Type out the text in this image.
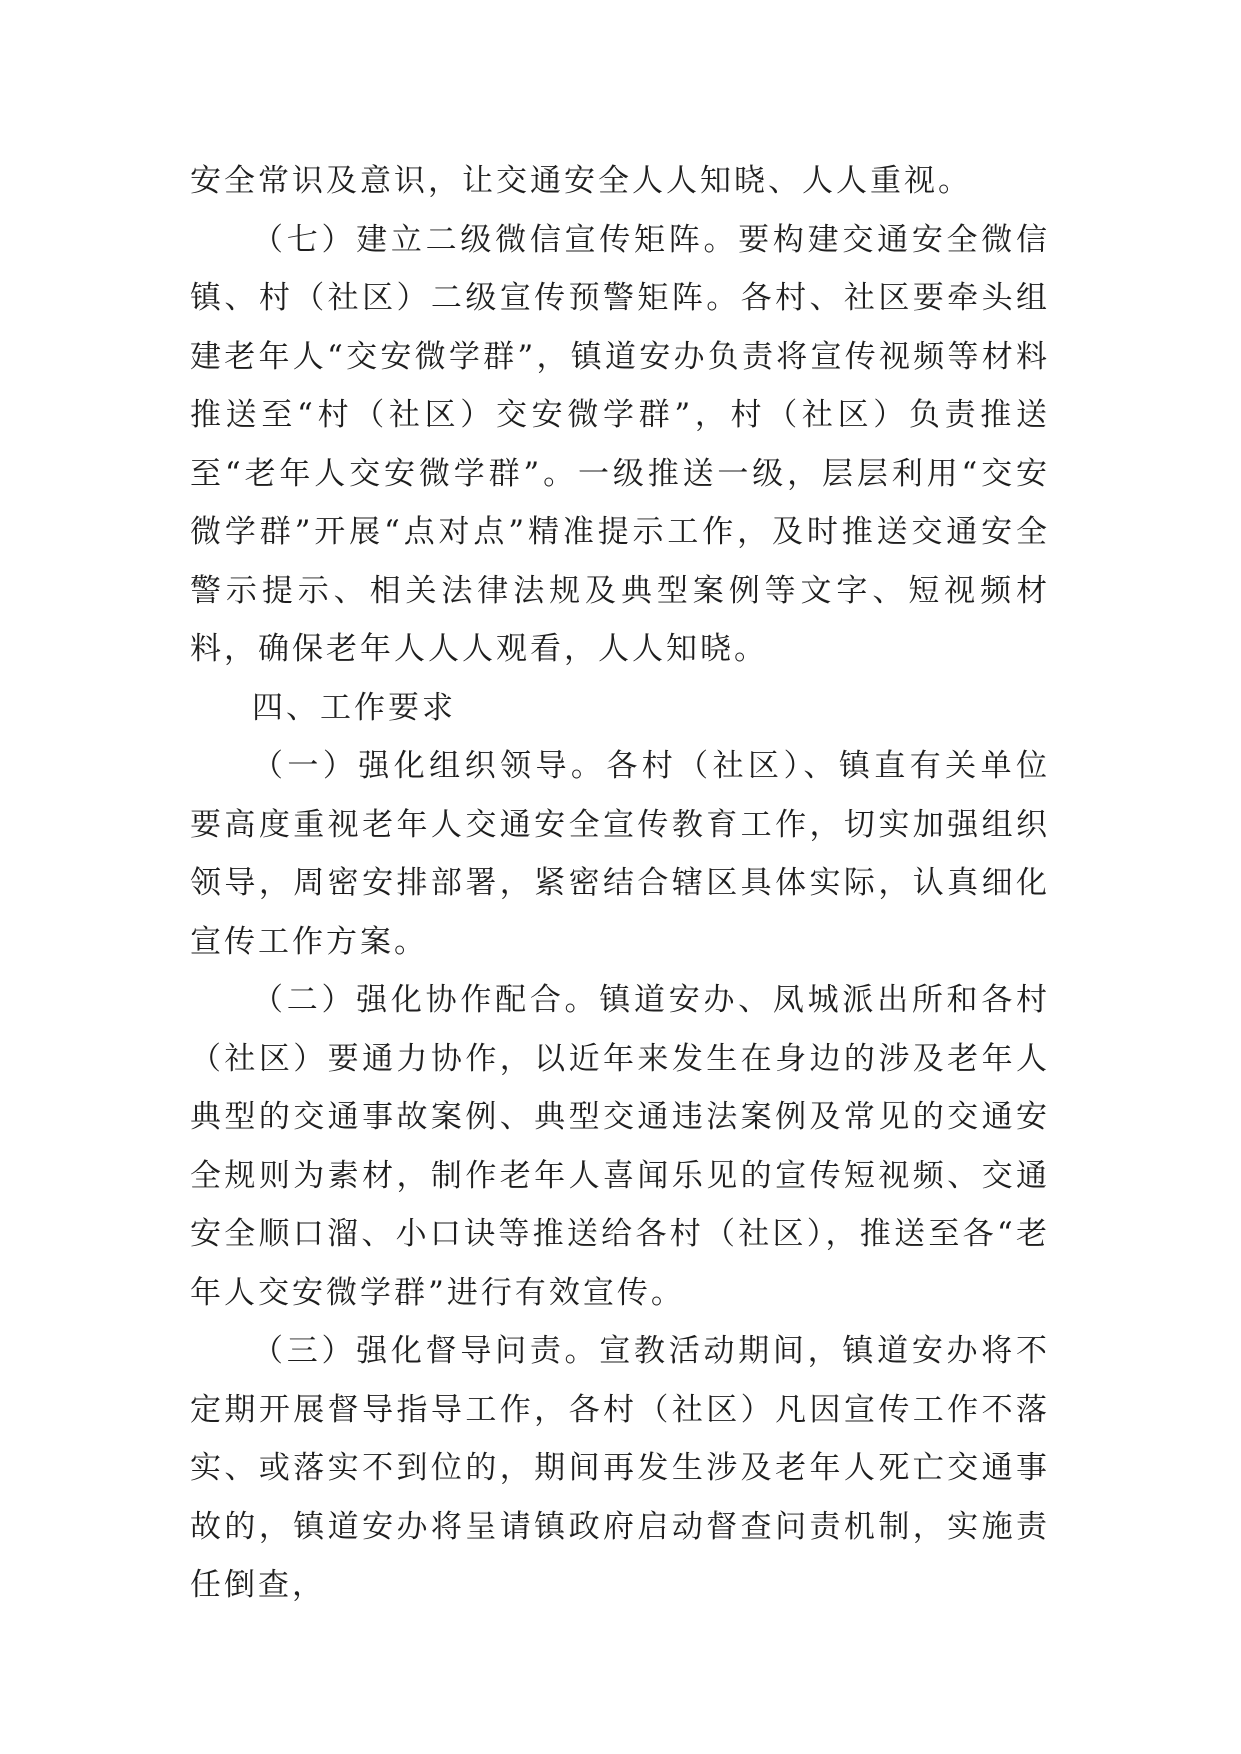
安全常识及意识，让交通安全人人知晓、人人重视。

（七）建立二级微信宣传矩阵。要构建交通安全微信镇、村（社区）二级宣传预警矩阵。各村、社区要牵头组建老年人“交安微学群”，镇道安办负责将宣传视频等材料推送至“村（社区）交安微学群”，村（社区）负责推送至“老年人交安微学群”。一级推送一级，层层利用“交安微学群”开展“点对点”精准提示工作，及时推送交通安全警示提示、相关法律法规及典型案例等文字、短视频材料，确保老年人人人观看，人人知晓。

四、工作要求

（一）强化组织领导。各村（社区）、镇直有关单位要高度重视老年人交通安全宣传教育工作，切实加强组织领导，周密安排部署，紧密结合辖区具体实际，认真细化宣传工作方案。

（二）强化协作配合。镇道安办、凤城派出所和各村（社区）要通力协作，以近年来发生在身边的涉及老年人典型的交通事故案例、典型交通违法案例及常见的交通安全规则为素材，制作老年人喜闻乐见的宣传短视频、交通安全顺口溜、小口诀等推送给各村（社区），推送至各“老年人交安微学群”进行有效宣传。

（三）强化督导问责。宣教活动期间，镇道安办将不定期开展督导指导工作，各村（社区）凡因宣传工作不落实、或落实不到位的，期间再发生涉及老年人死亡交通事故的，镇道安办将呈请镇政府启动督查问责机制，实施责任倒查，
